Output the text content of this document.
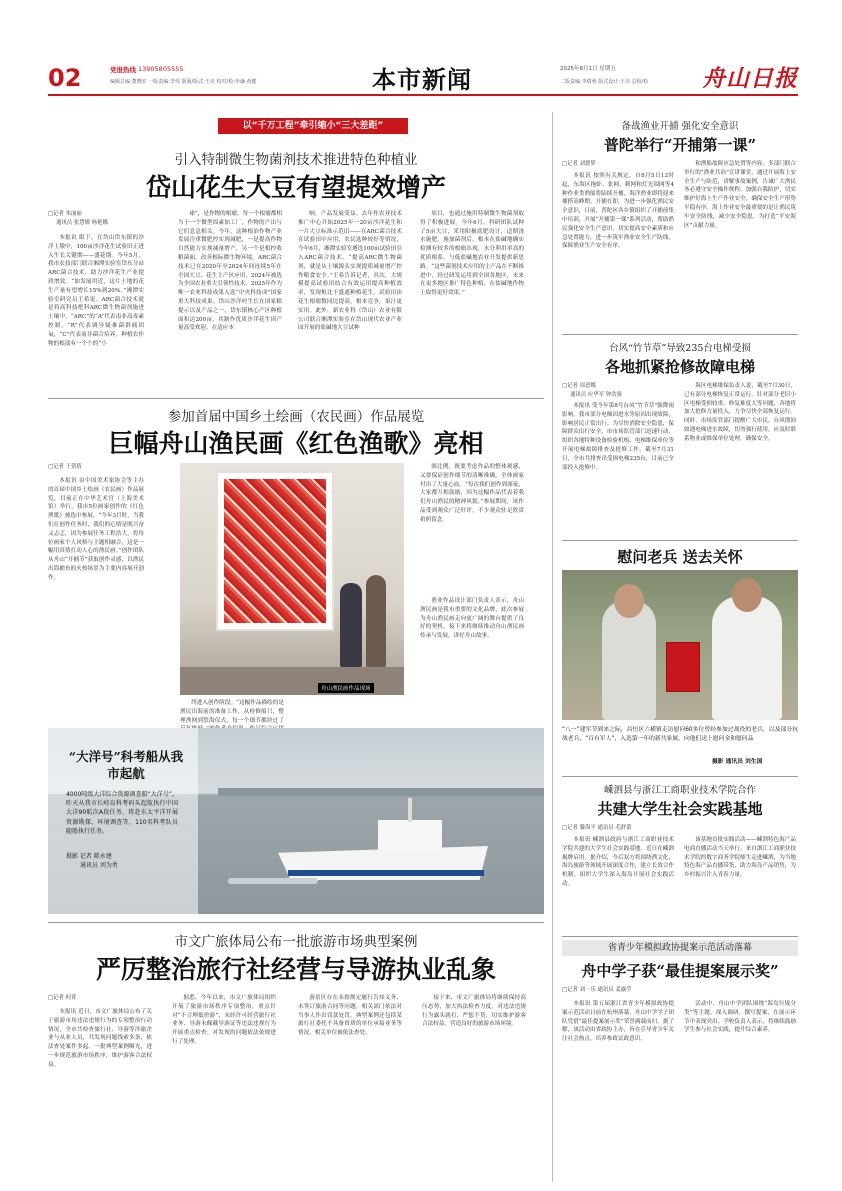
02	党报热线 13905805555
编辑总编:董晓宏 一版责编:李伟 版面/版式:王亮 校对/检:申谦·黄健	本市新闻	2025年8月1日 星期五
二版责编:李倩蓉 版式设计:王亮 总校/检 舟山日报
以“千万工程”牵引缩小“三大差距”
引入特制微生物菌剂技术推进特色种植业
岱山花生大豆有望提效增产
□记者 朱丽丽
通讯员 张慧敏 杨艳娜

本报讯 眼下，在岱山岱东镇的沙洋上墩中，100亩沙洋花生试验田正进入生长关键期——盛花期。今年5月，我市农技部门联合湘潭实验室岱东分站ARC菌合技术，助力沙洋花生产业提质增效。“如发展用近，这片土地的花生产量有望增长15%到20%。”湘潭实验室研究员王希说。ARC菌合技术就是将高科技把科ARC微生物菌剂施进土壤中，“ARC”的“A”代表南非高毒素控制，“R”代表调导疑难菌群痛团氧，“C”代表南非菌合培养，种植农作物的根部有一个个的“小

球”，是作物的根瘤，每一个根瘤都相当于一个微型固素加工厂，作物的产出与它们息息相关。今年，这种根治作物产业发展注重微肥控实现减肥，一是提高作物自然能力实现减量增产，另一个是根控收粮菌面，改善根际微生物环境。ARC菌合技术已在2020年至2024年间连续5年在全国大豆、花生主产区应用，2024年被选为全国农业重大引领性技术，2025年作为唯一农业科技成果入选“中央科技成”国家重大科技成果。岱山沙洋村生长在国家粮提示以及产品之一，岱东镇核心产区种植面积达200亩，其制作优质沙洋花生因产量高受欢迎。在适应本

晌，产品发展受益。去年作农业技术推广中心开始2025年一20亩沙洋花生和一片大豆标准示范田——在ARC菌合技术在试验田中应用，农民选种较好等情况，今年6月，湘潭实验室遴选100亩试验田引入ARC菌合技术。“提高ARC微生物菌剂，就是从土壤源头实现提质减量增产控作粮食安全。”王希告诉记者，其次，大规模提高试验田结合有效运用提高种植效率，发现根比干盛通种植花生，试验田由花生根瘤数同比提高，根本竞争，果汁更实用。此外，新农业科（岱山）农业有限公司联合湘潭实验室在岱山现代农业产业园开展的盐碱地大豆试种

项目，也通过施用特制微生物菌剂取得了积极进展。今年6月，科研团队试种了5亩大豆，采用阳极底肥设计，适期浇水施肥，施加菌剂后，根本在盐碱地确实检测有较多的根瘤出现，水分利用率高的优质根系，与低盐碱地农业开发提供新思路。“这些菌剂技术应用的主产品在不断推进中，经过研发运用到全国各地区，未来在更多地区推广特色种植，在盐碱地作物上取得更好效果。”

参加首届中国乡土绘画（农民画）作品展览
巨幅舟山渔民画《红色渔歌》亮相
□记者 王倩倩

本报讯 由中国美术家协会等主办的首届中国乡土绘画（农民画）作品展览，目前正在中华艺术宫（上海美术馆）举行，我市5位画家创作的《红色渔歌》被选中参展。“今年3月时，当我们在创作任务时，我们的心情是既兴奋又忐忑，因为参展任务工程浩大，将每位画家个人风格与主题相融合，这是一幅用真情打动人心的渔民画。”创作团队从舟山“开捕节”获取创作灵感，以渔民出海捕鱼的火热场景为主要内容展开创作。

舟山渔民画作品现场

终进入创作阶段。“这幅作品描绘的是渔民出海前的准备工作，从检修船只、整理渔网到祭海仪式，每一个细节都经过了

图比例，既要考虑作品的整体观感，又要保证创作细节的清晰准确。全体画家付出了大量心血。“每次我们创作到深夜，大家都互相鼓励，因为这幅作品代表着我们舟山渔民的精神风貌。”参展期间，该作品受到观众广泛好评，不少观众驻足欣赏拍照留念。

渔业作品设计部门负责人表示，舟山渔民画是我市重要的文化品牌，此次参展为舟山渔民画走向更广阔的舞台提供了良好的契机。接下来将继续推动舟山渔民画传承与发展，讲好舟山故事。

“大洋号”科考船从我市起航
4000吨级大洋综合资源调查船“大洋号”，昨天从我市长峙岛科考码头起航执行中国大洋90航次A段任务，将赴东太平洋开展资源勘探、环境调查等，110名科考队员随船执行任务。
摄影 记者 陈永建
通讯员 刘为勇
市文广旅体局公布一批旅游市场典型案例
严厉整治旅行社经营与导游执业乱象
□记者 何菁

本报讯 近日，市文广旅体局公布了关于旅游市场违法违规行为的专项整治行动情况，全市共检查旅行社、导游等涉旅企业与从业人员，共发现问题线索多条，依法查处案件多起。一批典型案例曝光，进一步规范旅游市场秩序，维护游客合法权益。

据悉，今年以来，市文广旅体局组织开展了旅游市场秩序专项整治，重点针对“不合理低价游”、未经许可经营旅行社业务、导游未佩戴导游证等违法违规行为开展重点检查。对发现的问题依法依规进行了处理。

游景区存在未按规定履行告知义务、未签订旅游合同等问题，相关部门依法对当事人作出罚款处罚。典型案例还包括某旅行社委托不具备资质的单位承接业务等情况，相关单位被依法查处。

接下来，市文广旅体局将继续保持高压态势，加大执法检查力度，对违法违规行为露头就打、严惩不贷，切实维护游客合法权益，营造良好的旅游市场环境。

备战渔业开捕 强化安全意识
普陀举行“开捕第一课”
□记者 刘德梦

本报讯 按照有关规定，自8月5日12时起，东海区拖虾、张网、刺网和灯光围网等4种作业类渔船将陆续开捕，海洋渔业即将迎来捕捞高峰期。开捕在即，为进一步强化渔民安全意识，日前，普陀区各乡镇组织了开捕前集中培训，开展“开捕第一课”系列活动，帮助渔民强化安全生产意识，切实提高安全素质和应急处置能力，进一步筑牢渔业安全生产防线，保障渔业生产安全有序。

和渔船故障应急处置等内容。多部门联合举行的“渔业共治”宣讲课堂，通过开展海上安全生产与防范，讲解事故案例，告诫广大渔民务必遵守安全操作规程，加强自我防护，切实维护好海上生产作业安全，确保安全生产形势平稳有序。海上作业安全最重要的是让渔民筑牢安全防线，减少安全隐患，为打造“平安海区”贡献力量。

台风“竹节草”导致235台电梯受损
各地抓紧抢修故障电梯
□记者 周意娜
通讯员 应华军 钟浩强

本报讯 受今年第8号台风“竹节草”强降雨影响，我市部分电梯因进水等原因出现故障，影响居民正常出行。为尽快消除安全隐患，保障群众出行安全，市市场监管部门迅速行动，组织各地特种设备检验机构、电梯维保单位等开展电梯故障排查及抢修工作。截至7月31日，全市共排查出受损电梯235台，目前已全部投入抢修中。

海区电梯维保负责人说，截至7月30日，已有部分电梯恢复正常运行。针对部分老旧小区电梯受损较重、修复难度大等问题，各地将加大抢修力量投入，力争尽快全部恢复运行。同时，市场监管部门提醒广大市民，台风期间如遇电梯进水故障，切勿强行使用，应及时联系物业或维保单位处理，确保安全。

慰问老兵 送去关怀
“八一”建军节到来之际，昌恒区六横镇走访慰问60多位曾经参加过战役的老兵，以及部分抗战老兵、“百有军人”，入选第一年的新共家属，向他们送上慰问金和慰问品
摄影 通讯员 刘生国
嵊泗县与浙江工商职业技术学院合作
共建大学生社会实践基地
□记者 滕海平 通讯员 毛舒蕾

本报讯 嵊泗县政府与浙江工商职业技术学院共建的大学生社会实践基地，近日在嵊泗揭牌启用。据介绍，今后双方将围绕渔文化、海岛旅游等领域开展深度合作，建立长效合作机制，组织大学生深入海岛开展社会实践活动。

该基地首批实践活动——嵊泗特色海产品电商直播活动当天举行。来自浙江工商职业技术学院的数字商务学院师生走进嵊泗，为当地特色海产品直播带货，助力海岛产品销售，为乡村振兴注入青春力量。

省青少年模拟政协提案示范活动落幕
舟中学子获“最佳提案展示奖”
□记者 刘一乐 通讯员 姜露莹

本报讯 第五届浙江省青少年模拟政协提案示范活动日前在杭州落幕，舟山中学学子团队凭借“最佳提案展示奖”荣誉满载而归。据了解，该活动由省政协主办，旨在引导青少年关注社会热点，培养参政议政意识。

活动中，舟山中学团队围绕“海岛垃圾分类”等主题，深入调研，撰写提案，在展示环节中表现突出。学校负责人表示，将继续鼓励学生参与社会实践，提升综合素养。
